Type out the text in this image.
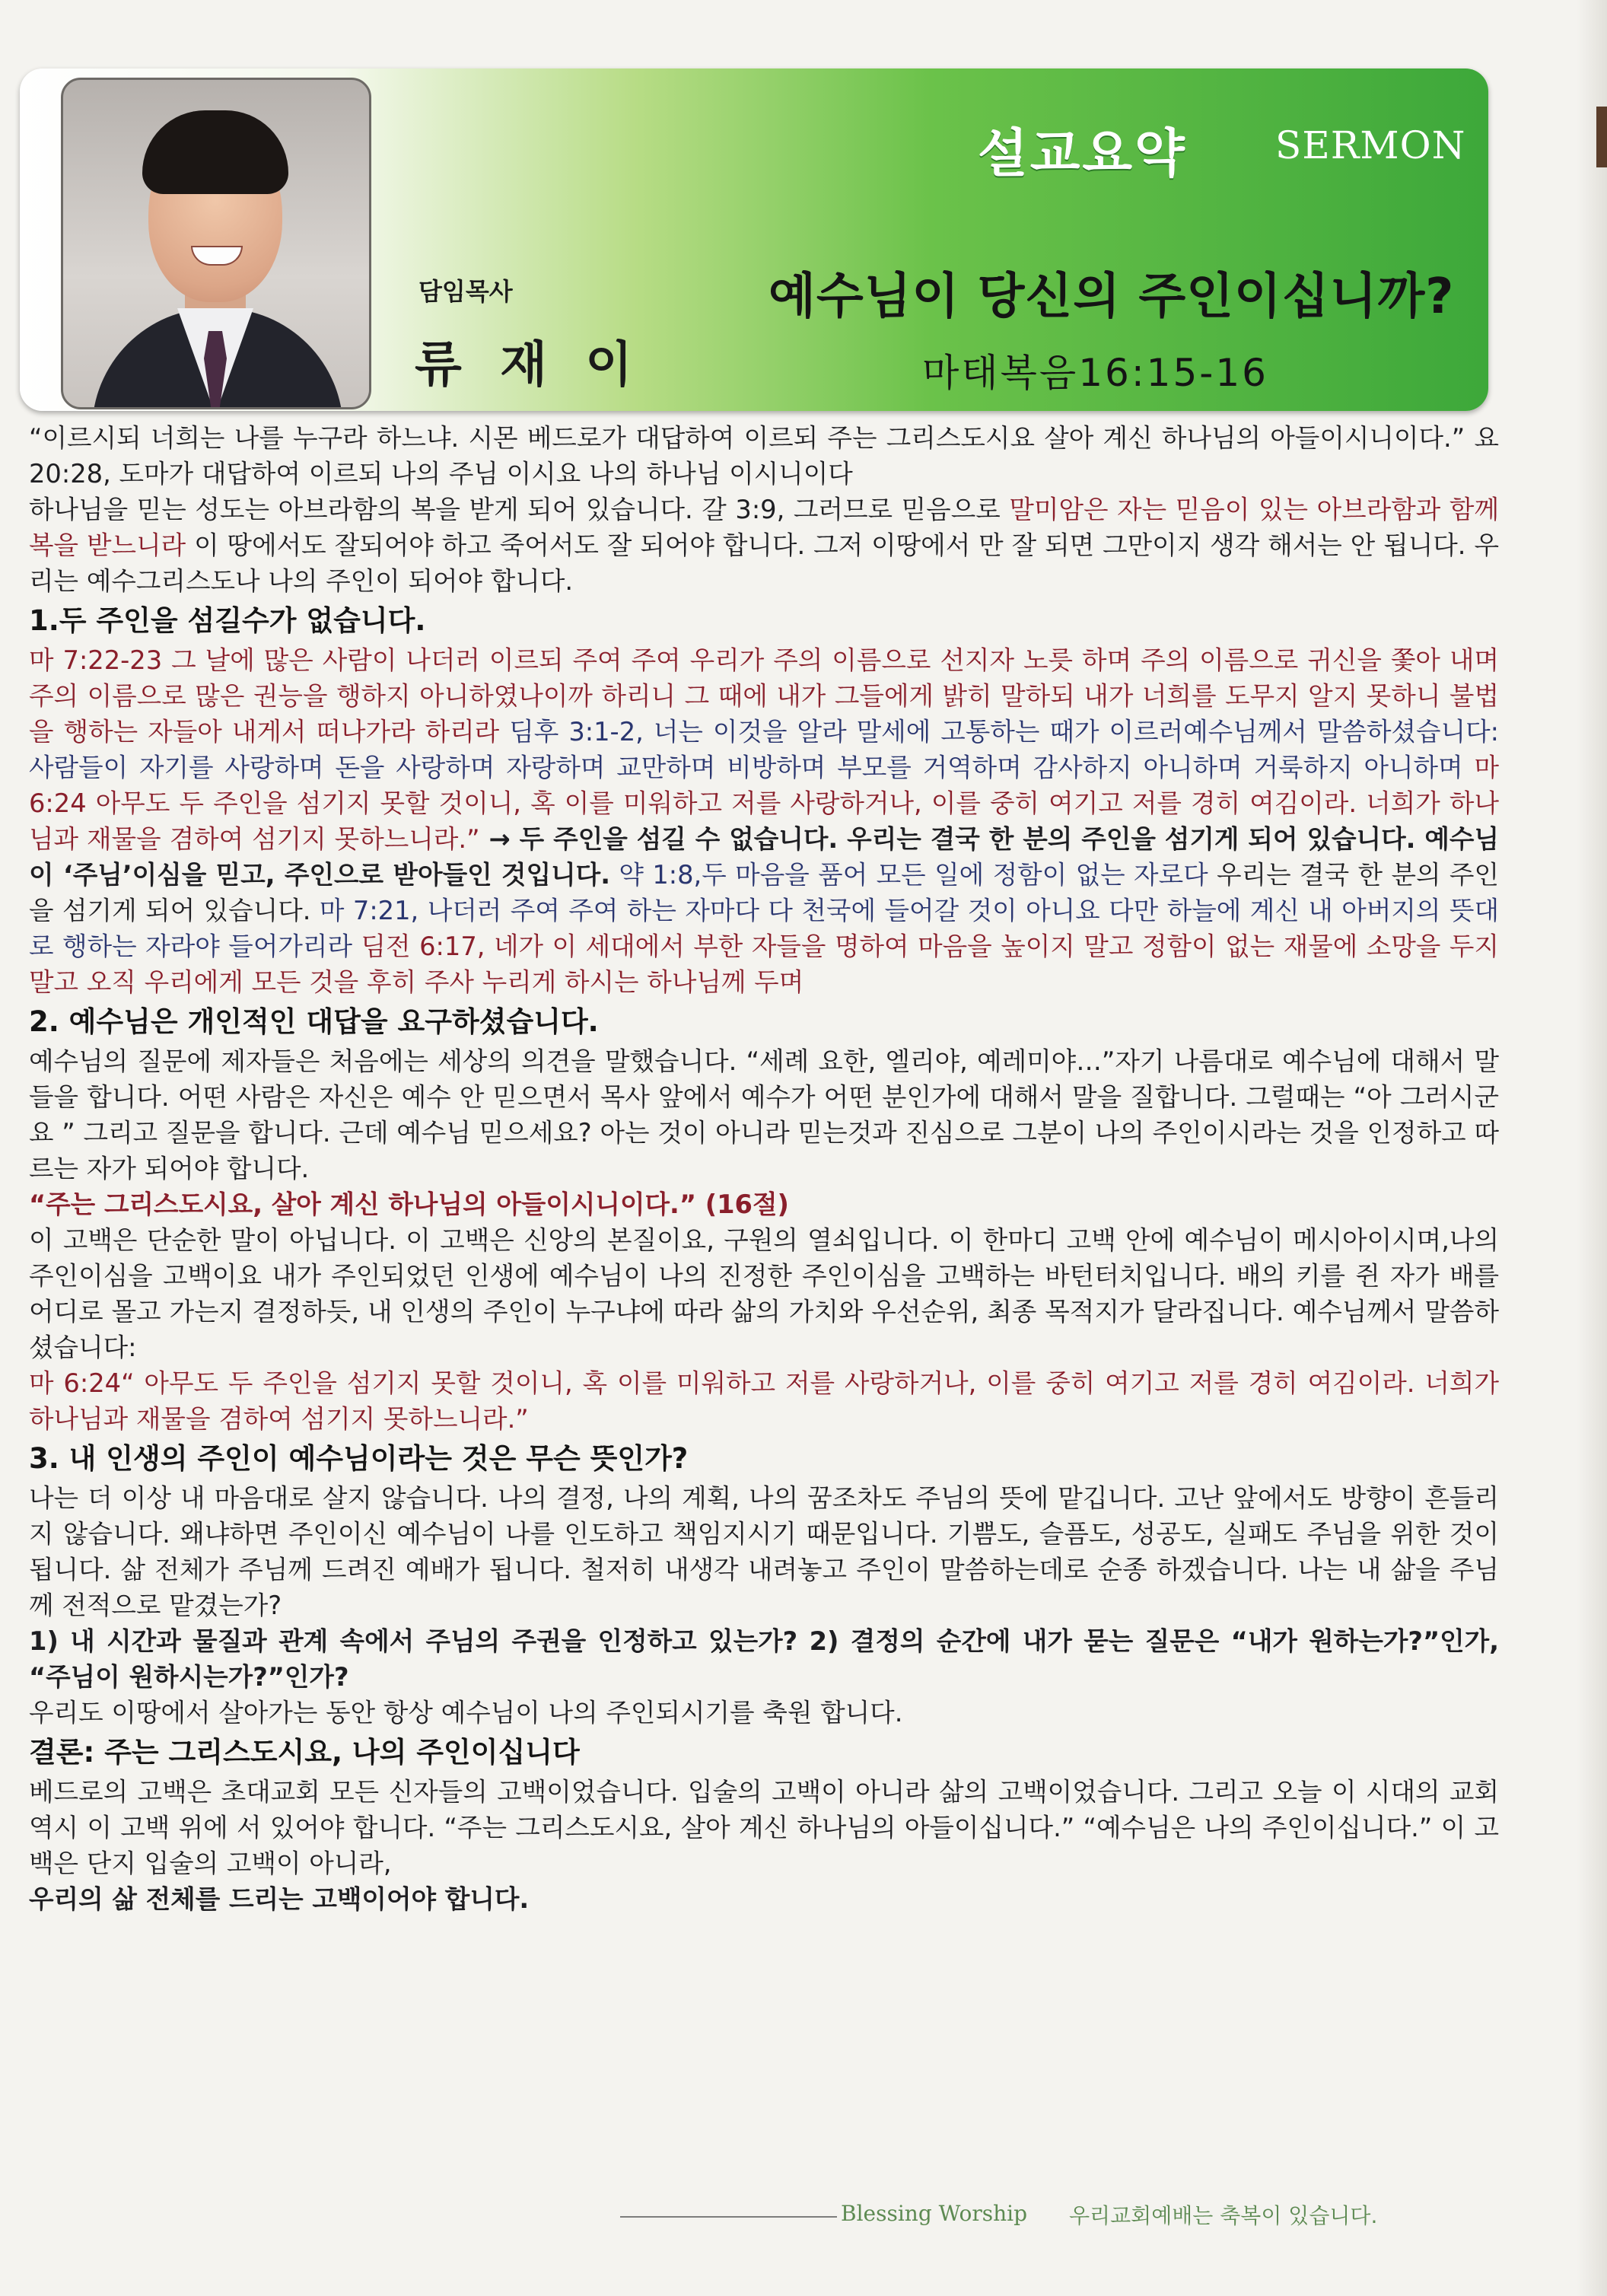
설교요약 SERMON
담임목사
류 재 이
예수님이 당신의 주인이십니까?
마태복음16:15-16

“이르시되 너희는 나를 누구라 하느냐. 시몬 베드로가 대답하여 이르되 주는 그리스도시요 살아 계신 하나님의 아들이시니이다.” 요 20:28, 도마가 대답하여 이르되 나의 주님 이시요 나의 하나님 이시니이다

하나님을 믿는 성도는 아브라함의 복을 받게 되어 있습니다. 갈 3:9, 그러므로 믿음으로 말미암은 자는 믿음이 있는 아브라함과 함께 복을 받느니라 이 땅에서도 잘되어야 하고 죽어서도 잘 되어야 합니다. 그저 이땅에서 만 잘 되면 그만이지 생각 해서는 안 됩니다. 우리는 예수그리스도나 나의 주인이 되어야 합니다.

1.두 주인을 섬길수가 없습니다.

마 7:22-23 그 날에 많은 사람이 나더러 이르되 주여 주여 우리가 주의 이름으로 선지자 노릇 하며 주의 이름으로 귀신을 쫓아 내며 주의 이름으로 많은 권능을 행하지 아니하였나이까 하리니 그 때에 내가 그들에게 밝히 말하되 내가 너희를 도무지 알지 못하니 불법을 행하는 자들아 내게서 떠나가라 하리라 딤후 3:1-2, 너는 이것을 알라 말세에 고통하는 때가 이르러예수님께서 말씀하셨습니다: 사람들이 자기를 사랑하며 돈을 사랑하며 자랑하며 교만하며 비방하며 부모를 거역하며 감사하지 아니하며 거룩하지 아니하며 마6:24 아무도 두 주인을 섬기지 못할 것이니, 혹 이를 미워하고 저를 사랑하거나, 이를 중히 여기고 저를 경히 여김이라. 너희가 하나님과 재물을 겸하여 섬기지 못하느니라.” → 두 주인을 섬길 수 없습니다. 우리는 결국 한 분의 주인을 섬기게 되어 있습니다. 예수님이 ‘주님’이심을 믿고, 주인으로 받아들인 것입니다. 약 1:8,두 마음을 품어 모든 일에 정함이 없는 자로다 우리는 결국 한 분의 주인을 섬기게 되어 있습니다. 마 7:21, 나더러 주여 주여 하는 자마다 다 천국에 들어갈 것이 아니요 다만 하늘에 계신 내 아버지의 뜻대로 행하는 자라야 들어가리라 딤전 6:17, 네가 이 세대에서 부한 자들을 명하여 마음을 높이지 말고 정함이 없는 재물에 소망을 두지 말고 오직 우리에게 모든 것을 후히 주사 누리게 하시는 하나님께 두며

2. 예수님은 개인적인 대답을 요구하셨습니다.

예수님의 질문에 제자들은 처음에는 세상의 의견을 말했습니다. “세례 요한, 엘리야, 예레미야…”자기 나름대로 예수님에 대해서 말들을 합니다. 어떤 사람은 자신은 예수 안 믿으면서 목사 앞에서 예수가 어떤 분인가에 대해서 말을 질합니다. 그럴때는 “아 그러시군요 ” 그리고 질문을 합니다. 근데 예수님 믿으세요? 아는 것이 아니라 믿는것과 진심으로 그분이 나의 주인이시라는 것을 인정하고 따르는 자가 되어야 합니다.

“주는 그리스도시요, 살아 계신 하나님의 아들이시니이다.” (16절)

이 고백은 단순한 말이 아닙니다. 이 고백은 신앙의 본질이요, 구원의 열쇠입니다. 이 한마디 고백 안에 예수님이 메시아이시며,나의 주인이심을 고백이요 내가 주인되었던 인생에 예수님이 나의 진정한 주인이심을 고백하는 바턴터치입니다. 배의 키를 쥔 자가 배를 어디로 몰고 가는지 결정하듯, 내 인생의 주인이 누구냐에 따라 삶의 가치와 우선순위, 최종 목적지가 달라집니다. 예수님께서 말씀하셨습니다:

마 6:24“ 아무도 두 주인을 섬기지 못할 것이니, 혹 이를 미워하고 저를 사랑하거나, 이를 중히 여기고 저를 경히 여김이라. 너희가 하나님과 재물을 겸하여 섬기지 못하느니라.”

3. 내 인생의 주인이 예수님이라는 것은 무슨 뜻인가?

나는 더 이상 내 마음대로 살지 않습니다. 나의 결정, 나의 계획, 나의 꿈조차도 주님의 뜻에 맡깁니다. 고난 앞에서도 방향이 흔들리지 않습니다. 왜냐하면 주인이신 예수님이 나를 인도하고 책임지시기 때문입니다. 기쁨도, 슬픔도, 성공도, 실패도 주님을 위한 것이 됩니다. 삶 전체가 주님께 드려진 예배가 됩니다. 철저히 내생각 내려놓고 주인이 말씀하는데로 순종 하겠습니다. 나는 내 삶을 주님께 전적으로 맡겼는가?

1) 내 시간과 물질과 관계 속에서 주님의 주권을 인정하고 있는가? 2) 결정의 순간에 내가 묻는 질문은 “내가 원하는가?”인가, “주님이 원하시는가?”인가?

우리도 이땅에서 살아가는 동안 항상 예수님이 나의 주인되시기를 축원 합니다.

결론: 주는 그리스도시요, 나의 주인이십니다

베드로의 고백은 초대교회 모든 신자들의 고백이었습니다. 입술의 고백이 아니라 삶의 고백이었습니다. 그리고 오늘 이 시대의 교회 역시 이 고백 위에 서 있어야 합니다. “주는 그리스도시요, 살아 계신 하나님의 아들이십니다.” “예수님은 나의 주인이십니다.” 이 고백은 단지 입술의 고백이 아니라,

우리의 삶 전체를 드리는 고백이어야 합니다.

Blessing Worship 우리교회예배는 축복이 있습니다.
